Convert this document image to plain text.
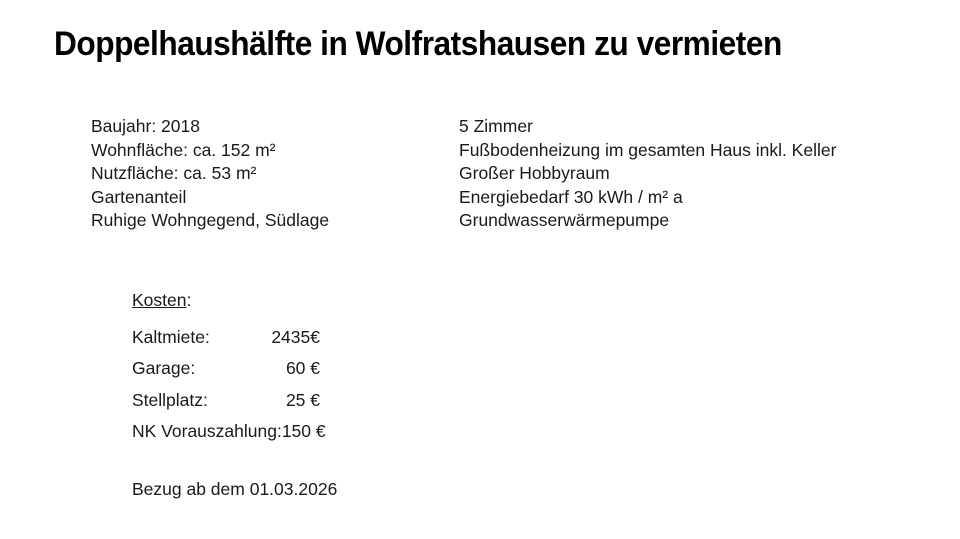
Doppelhaushälfte in Wolfratshausen zu vermieten
Baujahr: 2018
Wohnfläche: ca. 152 m²
Nutzfläche: ca. 53 m²
Gartenanteil
Ruhige Wohngegend, Südlage
5 Zimmer
Fußbodenheizung im gesamten Haus inkl. Keller
Großer Hobbyraum
Energiebedarf 30 kWh / m² a
Grundwasserwärmepumpe
Kosten:
Kaltmiete:	2435€
Garage:	60 €
Stellplatz:	25 €
NK Vorauszahlung: 150 €
Bezug ab dem 01.03.2026
